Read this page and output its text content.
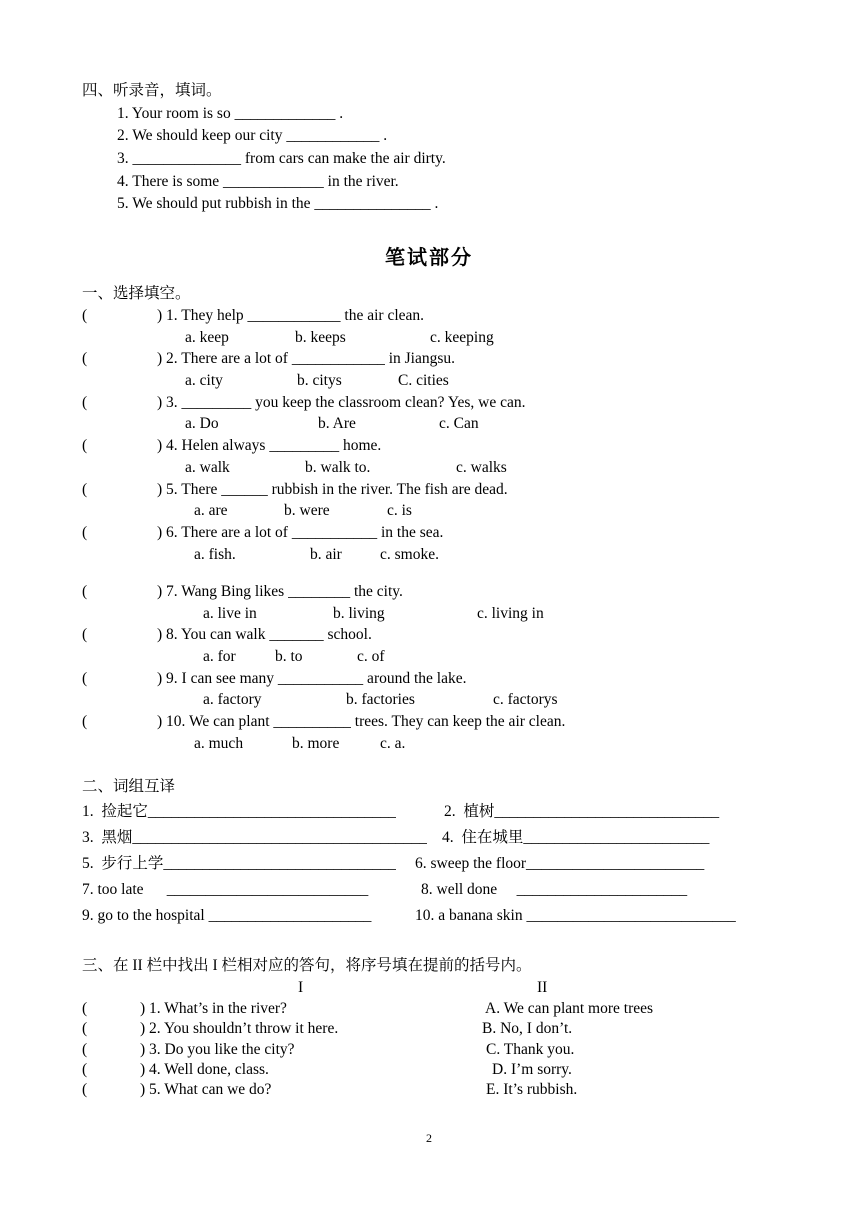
四、听录音，填词。
1. Your room is so _____________ .
2. We should keep our city ____________ .
3. ______________ from cars can make the air dirty.
4. There is some _____________ in the river.
5. We should put rubbish in the _______________ .
笔试部分
一、选择填空。
(	) 1. They help ____________ the air clean.
a. keep	b. keeps	c. keeping
(	) 2. There are a lot of ____________ in Jiangsu.
a. city	b. citys	C. cities
(	) 3. _________ you keep the classroom clean? Yes, we can.
a. Do	b. Are	c. Can
(	) 4. Helen always _________ home.
a. walk	b. walk to.	c. walks
(	) 5. There ______ rubbish in the river. The fish are dead.
a. are	b. were	c. is
(	) 6. There are a lot of ___________ in the sea.
a. fish.	b. air c. smoke.
(	) 7. Wang Bing likes ________ the city.
a. live in	b. living	c. living in
(	) 8. You can walk _______ school.
a. for	b. to	c. of
(	) 9. I can see many ___________ around the lake.
a. factory	b. factories	c. factorys
(	) 10. We can plant __________ trees. They can keep the air clean.
a. much	b. more	c. a.
二、词组互译
1.  捡起它________________________________	2.  植树_____________________________
3.  黑烟______________________________________ 4.  住在城里________________________
5.  步行上学______________________________ 6. sweep the floor_______________________
7. too late      __________________________	8. well done     ______________________
9. go to the hospital _____________________	10. a banana skin ___________________________
三、在 II 栏中找出 I 栏相对应的答句，将序号填在提前的括号内。
I	II
(	) 1. What’s in the river?	A. We can plant more trees
(	) 2. You shouldn’t throw it here.	B. No, I don’t.
(	) 3. Do you like the city?	C. Thank you.
(	) 4. Well done, class.	D. I’m sorry.
(	) 5. What can we do?	E. It’s rubbish.
2
